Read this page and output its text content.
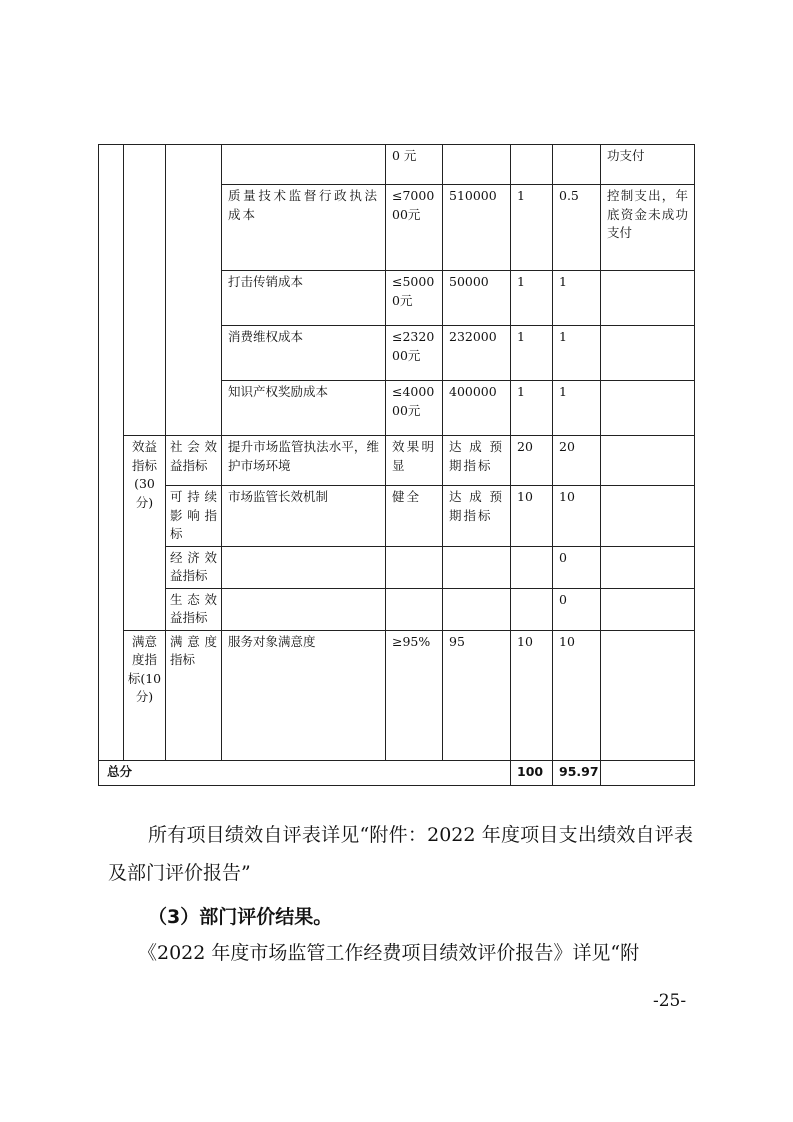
				0 元				功支付
			质量技术监督行政执法成本	≤700000元	510000	1	0.5	控制支出，年底资金未成功支付
			打击传销成本	≤50000元	50000	1	1	
			消费维权成本	≤232000元	232000	1	1	
			知识产权奖励成本	≤400000元	400000	1	1	
	效益指标(30分)	社会效益指标	提升市场监管执法水平，维护市场环境	效果明显	达成预期指标	20	20	
		可持续影响指标	市场监管长效机制	健全	达成预期指标	10	10	
		经济效益指标					0	
		生态效益指标					0	
	满意度指标(10分)	满意度指标	服务对象满意度	≥95%	95	10	10	
总分						100	95.97	
所有项目绩效自评表详见“附件：2022 年度项目支出绩效自评表及部门评价报告”
（3）部门评价结果。
《2022 年度市场监管工作经费项目绩效评价报告》详见“附
-25-
